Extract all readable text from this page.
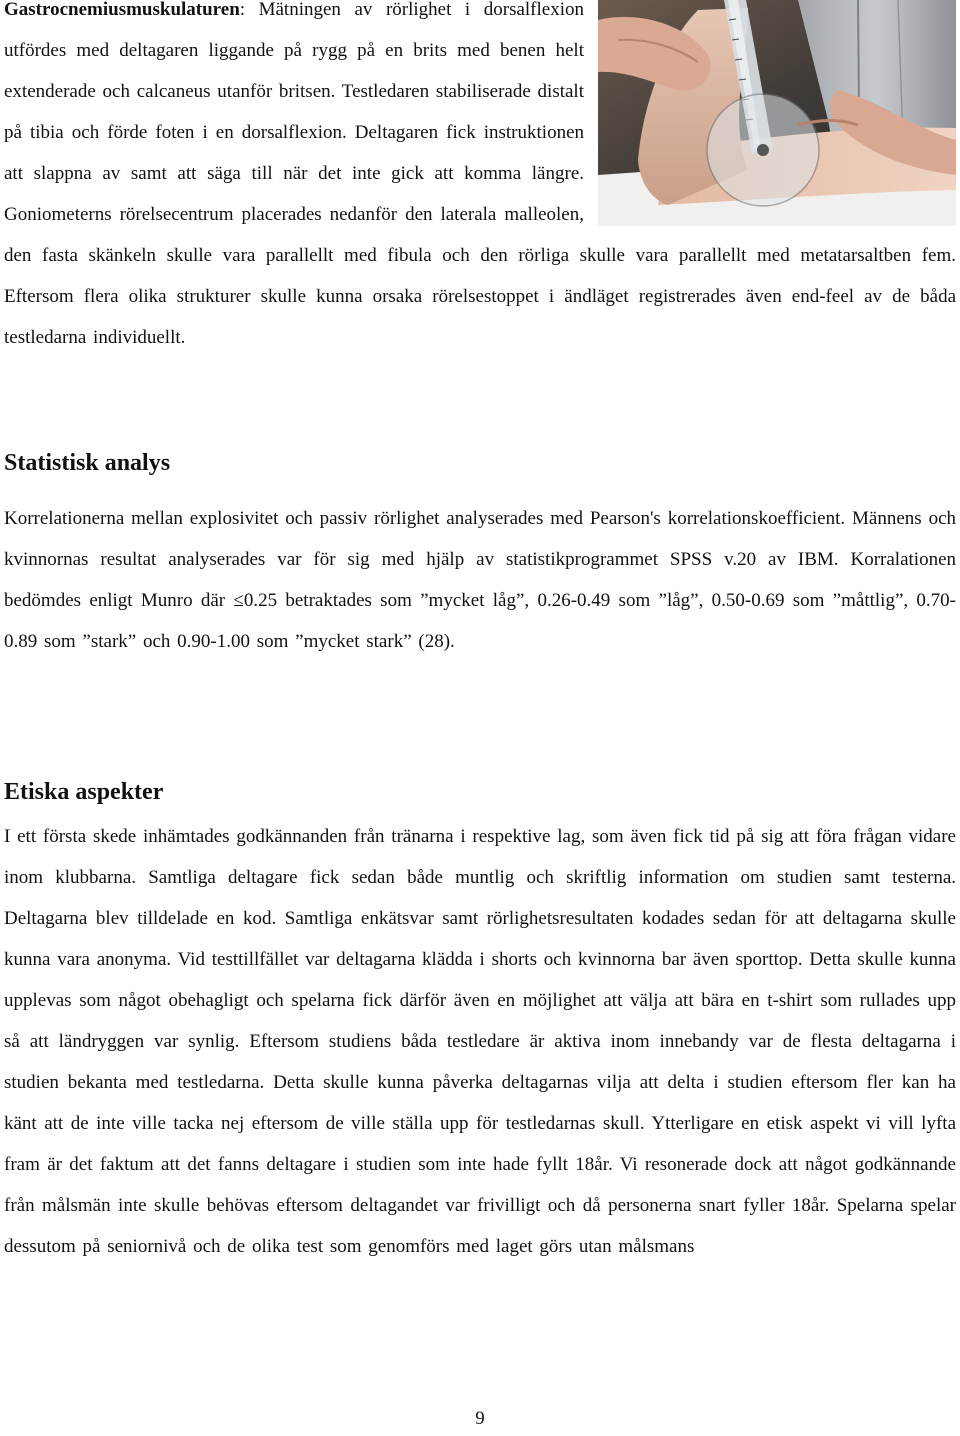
Gastrocnemiusmuskulaturen: Mätningen av rörlighet i dorsalflexion utfördes med deltagaren liggande på rygg på en brits med benen helt extenderade och calcaneus utanför britsen. Testledaren stabiliserade distalt på tibia och förde foten i en dorsalflexion. Deltagaren fick instruktionen att slappna av samt att säga till när det inte gick att komma längre. Goniometerns rörelsecentrum placerades nedanför den laterala malleolen, den fasta skänkeln skulle vara parallellt med fibula och den rörliga skulle vara parallellt med metatarsaltben fem. Eftersom flera olika strukturer skulle kunna orsaka rörelsestoppet i ändläget registrerades även end-feel av de båda testledarna individuellt.

Statistisk analys

Korrelationerna mellan explosivitet och passiv rörlighet analyserades med Pearson's korrelationskoefficient. Männens och kvinnornas resultat analyserades var för sig med hjälp av statistikprogrammet SPSS v.20 av IBM. Korralationen bedömdes enligt Munro där ≤0.25 betraktades som ”mycket låg”, 0.26-0.49 som ”låg”, 0.50-0.69 som ”måttlig”, 0.70-0.89 som ”stark” och 0.90-1.00 som ”mycket stark” (28).

Etiska aspekter

I ett första skede inhämtades godkännanden från tränarna i respektive lag, som även fick tid på sig att föra frågan vidare inom klubbarna. Samtliga deltagare fick sedan både muntlig och skriftlig information om studien samt testerna. Deltagarna blev tilldelade en kod. Samtliga enkätsvar samt rörlighetsresultaten kodades sedan för att deltagarna skulle kunna vara anonyma. Vid testtillfället var deltagarna klädda i shorts och kvinnorna bar även sporttop. Detta skulle kunna upplevas som något obehagligt och spelarna fick därför även en möjlighet att välja att bära en t-shirt som rullades upp så att ländryggen var synlig. Eftersom studiens båda testledare är aktiva inom innebandy var de flesta deltagarna i studien bekanta med testledarna. Detta skulle kunna påverka deltagarnas vilja att delta i studien eftersom fler kan ha känt att de inte ville tacka nej eftersom de ville ställa upp för testledarnas skull. Ytterligare en etisk aspekt vi vill lyfta fram är det faktum att det fanns deltagare i studien som inte hade fyllt 18år. Vi resonerade dock att något godkännande från målsmän inte skulle behövas eftersom deltagandet var frivilligt och då personerna snart fyller 18år. Spelarna spelar dessutom på seniornivå och de olika test som genomförs med laget görs utan målsmans

9
